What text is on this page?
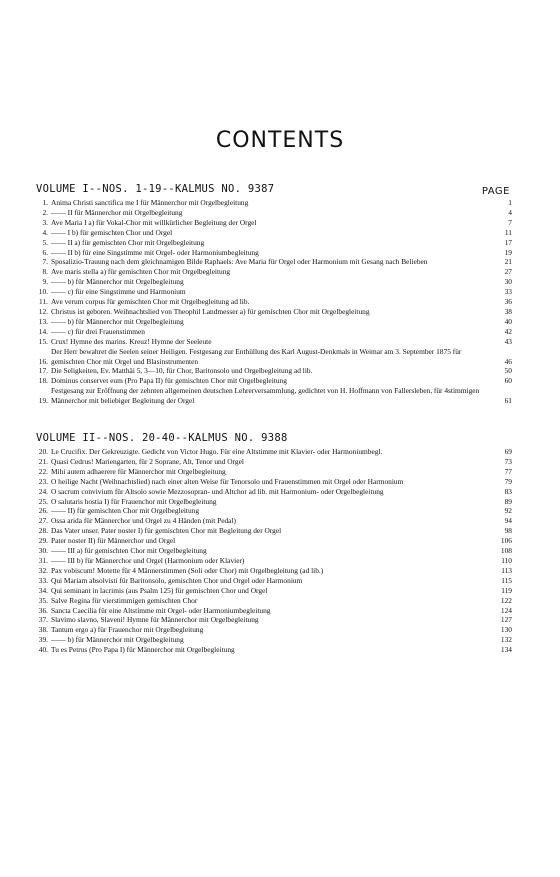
CONTENTS
VOLUME I--NOS. 1-19--KALMUS NO. 9387	PAGE
1. Anima Christi sanctifica me I für Männerchor mit Orgelbegleitung	1
2. —— II für Männerchor mit Orgelbegleitung	4
3. Ave Maria I a) für Vokal-Chor mit willkürlicher Begleitung der Orgel	7
4. —— I b) für gemischten Chor und Orgel	11
5. —— II a) für gemischten Chor mit Orgelbegleitung	17
6. —— II b) für eine Singstimme mit Orgel- oder Harmoniumbegleitung	19
7. Sposalizio-Trauung nach dem gleichnamigen Bilde Raphaels: Ave Maria für Orgel oder Harmonium mit Gesang nach Belieben	21
8. Ave maris stella a) für gemischten Chor mit Orgelbegleitung	27
9. —— b) für Männerchor mit Orgelbegleitung	30
10. —— c) für eine Singstimme und Harmonium	33
11. Ave verum corpus für gemischten Chor mit Orgelbegleitung ad lib.	36
12. Christus ist geboren. Weihnachtslied von Theophil Landmesser a) für gemischten Chor mit Orgelbegleitung	38
13. —— b) für Männerchor mit Orgelbegleitung	40
14. —— c) für drei Frauenstimmen	42
15. Crux! Hymne des marins. Kreuz! Hymne der Seeleute	43
16.
Der Herr bewahret die Seelen seiner Heiligen. Festgesang zur Enthüllung des Karl August-Denkmals in Weimar am 3. September 1875 für gemischten Chor mit Orgel und Blasinstrumenten	46
17. Die Seligkeiten, Ev. Matthäi 5, 3—10, für Chor, Baritonsolo und Orgelbegleitung ad lib.	50
18. Dominus conservet eum (Pro Papa II) für gemischten Chor mit Orgelbegleitung	60
19.
Festgesang zur Eröffnung der zehnten allgemeinen deutschen Lehrerversammlung, gedichtet von H. Hoffmann von Fallersleben, für 4stimmigen Männerchor mit beliebiger Begleitung der Orgel	61
VOLUME II--NOS. 20-40--KALMUS NO. 9388
20. Le Crucifix. Der Gekreuzigte. Gedicht von Victor Hugo. Für eine Altstimme mit Klavier- oder Harmoniumbegl.	69
21. Quasi Cedrus! Mariengarten, für 2 Soprane, Alt, Tenor und Orgel	73
22. Mihi autem adhaerere für Männerchor mit Orgelbegleitung	77
23. O heilige Nacht (Weihnachtslied) nach einer alten Weise für Tenorsolo und Frauenstimmen mit Orgel oder Harmonium	79
24. O sacrum convivium für Altsolo sowie Mezzosopran- und Altchor ad lib. mit Harmonium- oder Orgelbegleitung	83
25. O salutaris hostia I) für Frauenchor mit Orgelbegleitung	89
26. —— II) für gemischten Chor mit Orgelbegleitung	92
27. Ossa arida für Männerchor und Orgel zu 4 Händen (mit Pedal)	94
28. Das Vater unser. Pater noster I) für gemischten Chor mit Begleitung der Orgel	98
29. Pater noster II) für Männerchor und Orgel	106
30. —— III a) für gemischten Chor mit Orgelbegleitung	108
31. —— III b) für Männerchor und Orgel (Harmonium oder Klavier)	110
32. Pax vobiscum! Motette für 4 Männerstimmen (Soli oder Chor) mit Orgelbegleitung (ad lib.)	113
33. Qui Mariam absolvisti für Baritonsolo, gemischten Chor und Orgel oder Harmonium	115
34. Qui seminant in lacrimis (aus Psalm 125) für gemischten Chor und Orgel	119
35. Salve Regina für vierstimmigen gemischten Chor	122
36. Sancta Caecilia für eine Altstimme mit Orgel- oder Harmoniumbegleitung	124
37. Slavimo slavno, Slaveni! Hymne für Männerchor mit Orgelbegleitung	127
38. Tantum ergo a) für Frauenchor mit Orgelbegleitung	130
39. —— b) für Männerchor mit Orgelbegleitung	132
40. Tu es Petrus (Pro Papa I) für Männerchor mit Orgelbegleitung	134
